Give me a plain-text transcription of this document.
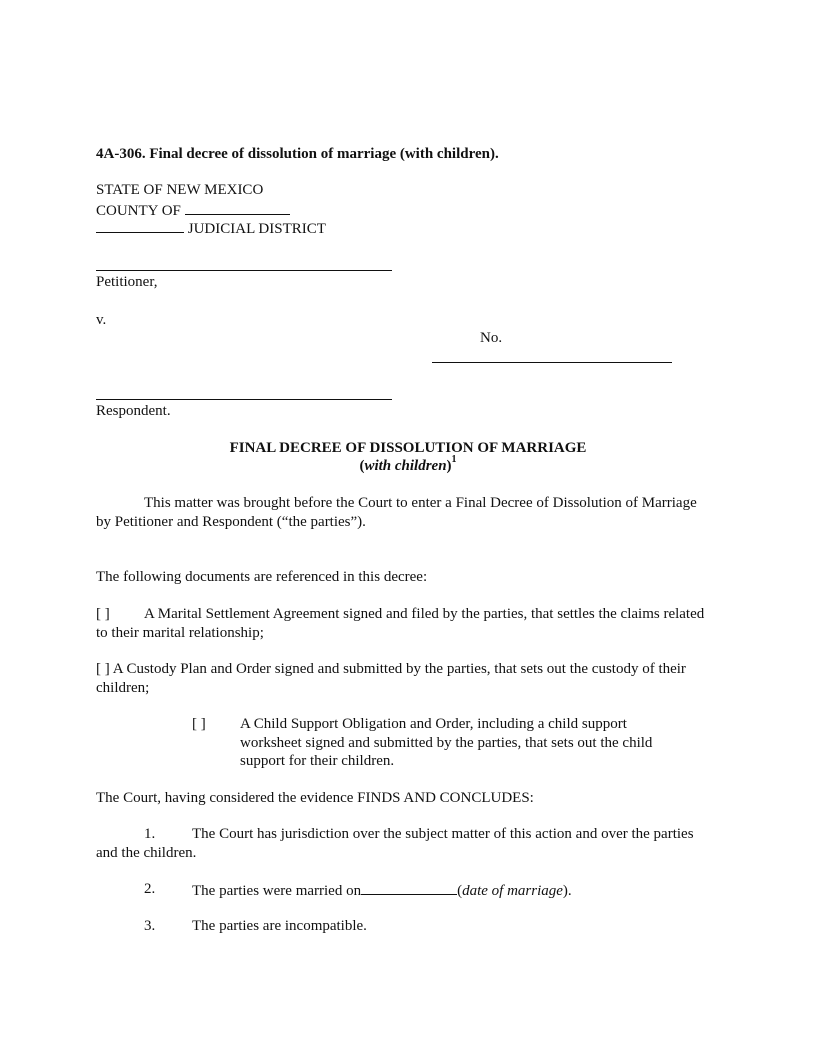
4A-306. Final decree of dissolution of marriage (with children).
STATE OF NEW MEXICO
COUNTY OF
JUDICIAL DISTRICT
Petitioner,
v.
No.
Respondent.
FINAL DECREE OF DISSOLUTION OF MARRIAGE
(with children)$^1$
This matter was brought before the Court to enter a Final Decree of Dissolution of Marriage by Petitioner and Respondent (“the parties”).
The following documents are referenced in this decree:
[ ] A Marital Settlement Agreement signed and filed by the parties, that settles the claims related to their marital relationship;
[ ] A Custody Plan and Order signed and submitted by the parties, that sets out the custody of their children;
[ ] A Child Support Obligation and Order, including a child support worksheet signed and submitted by the parties, that sets out the child support for their children.
The Court, having considered the evidence FINDS AND CONCLUDES:
1.	The Court has jurisdiction over the subject matter of this action and over the parties and the children.
2. The parties were married on	(date of marriage).
3. The parties are incompatible.
